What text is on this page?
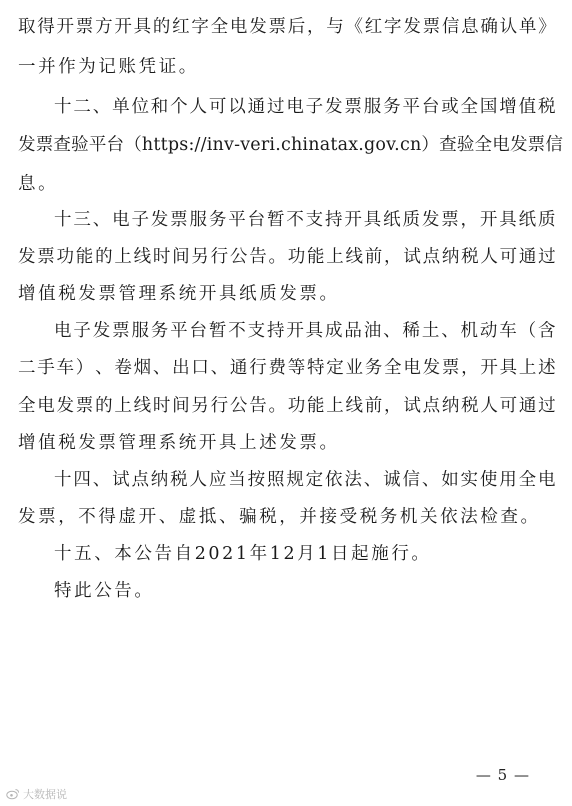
取 得 开 票 方 开 具 的 红 字 全 电 发 票 后 ， 与 《 红 字 发 票 信 息 确 认 单 》
一并作为记账凭证。
十 二 、 单 位 和 个 人 可 以 通 过 电 子 发 票 服 务 平 台 或 全 国 增 值 税
发 票 查 验 平 台 （ https://inv-veri.chinatax.gov.cn ） 查 验 全 电 发 票 信
息。
十 三 、 电 子 发 票 服 务 平 台 暂 不 支 持 开 具 纸 质 发 票 ， 开 具 纸 质
发 票 功 能 的 上 线 时 间 另 行 公 告 。 功 能 上 线 前 ， 试 点 纳 税 人 可 通 过
增值税发票管理系统开具纸质发票。
电 子 发 票 服 务 平 台 暂 不 支 持 开 具 成 品 油 、 稀 土 、 机 动 车 （ 含
二 手 车 ） 、 卷 烟 、 出 口 、 通 行 费 等 特 定 业 务 全 电 发 票 ， 开 具 上 述
全 电 发 票 的 上 线 时 间 另 行 公 告 。 功 能 上 线 前 ， 试 点 纳 税 人 可 通 过
增值税发票管理系统开具上述发票。
十 四 、 试 点 纳 税 人 应 当 按 照 规 定 依 法 、 诚 信 、 如 实 使 用 全 电
发票，不得虚开、虚抵、骗税，并接受税务机关依法检查。
十五、本公告自2021年12月1日起施行。
特此公告。
— 5 —
大数据说
